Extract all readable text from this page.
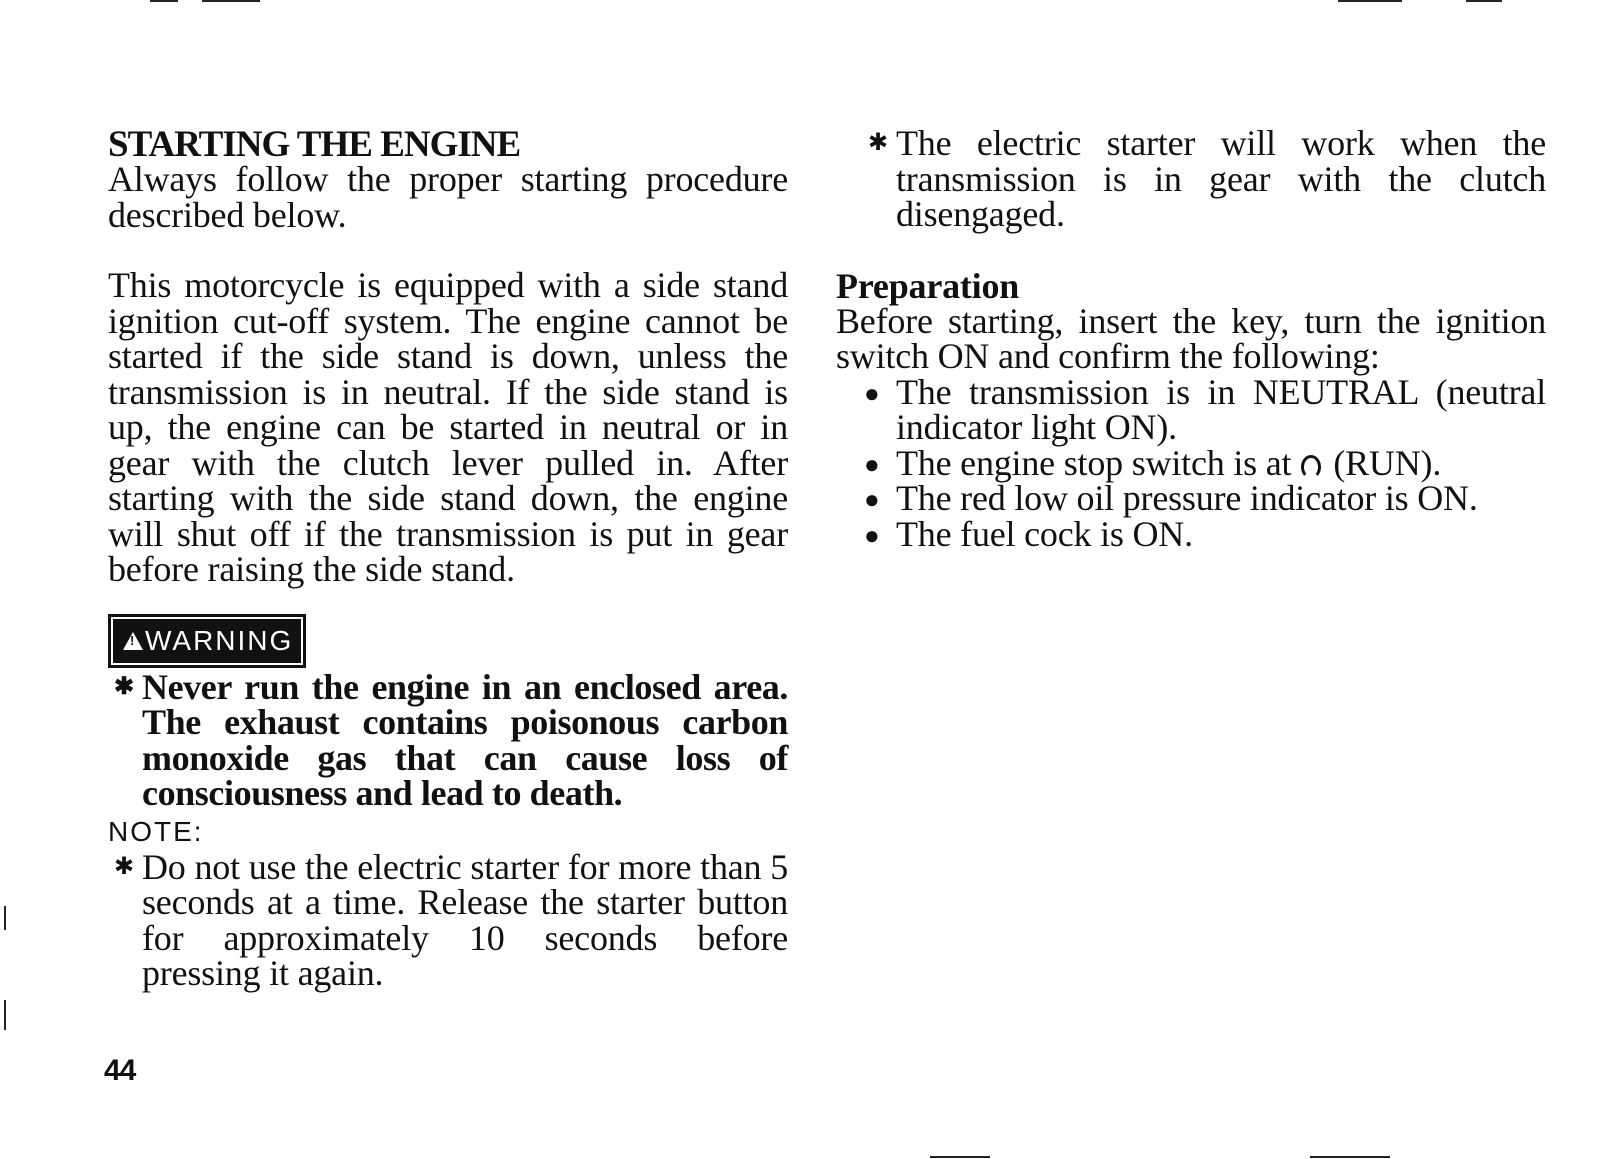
STARTING THE ENGINE

Always follow the proper starting procedure described below.

This motorcycle is equipped with a side stand ignition cut-off system. The engine cannot be started if the side stand is down, unless the transmission is in neutral. If the side stand is up, the engine can be started in neutral or in gear with the clutch lever pulled in. After starting with the side stand down, the engine will shut off if the transmission is put in gear before raising the side stand.

!WARNING
✱ Never run the engine in an enclosed area. The exhaust contains poisonous carbon monoxide gas that can cause loss of consciousness and lead to death.
NOTE:
✱ Do not use the electric starter for more than 5 seconds at a time. Release the starter button for approximately 10 seconds before pressing it again.
✱ The electric starter will work when the transmission is in gear with the clutch disengaged.
Preparation

Before starting, insert the key, turn the ignition switch ON and confirm the following:

● The transmission is in NEUTRAL (neutral indicator light ON).
● The engine stop switch is at (RUN).
● The red low oil pressure indicator is ON.
● The fuel cock is ON.
44
